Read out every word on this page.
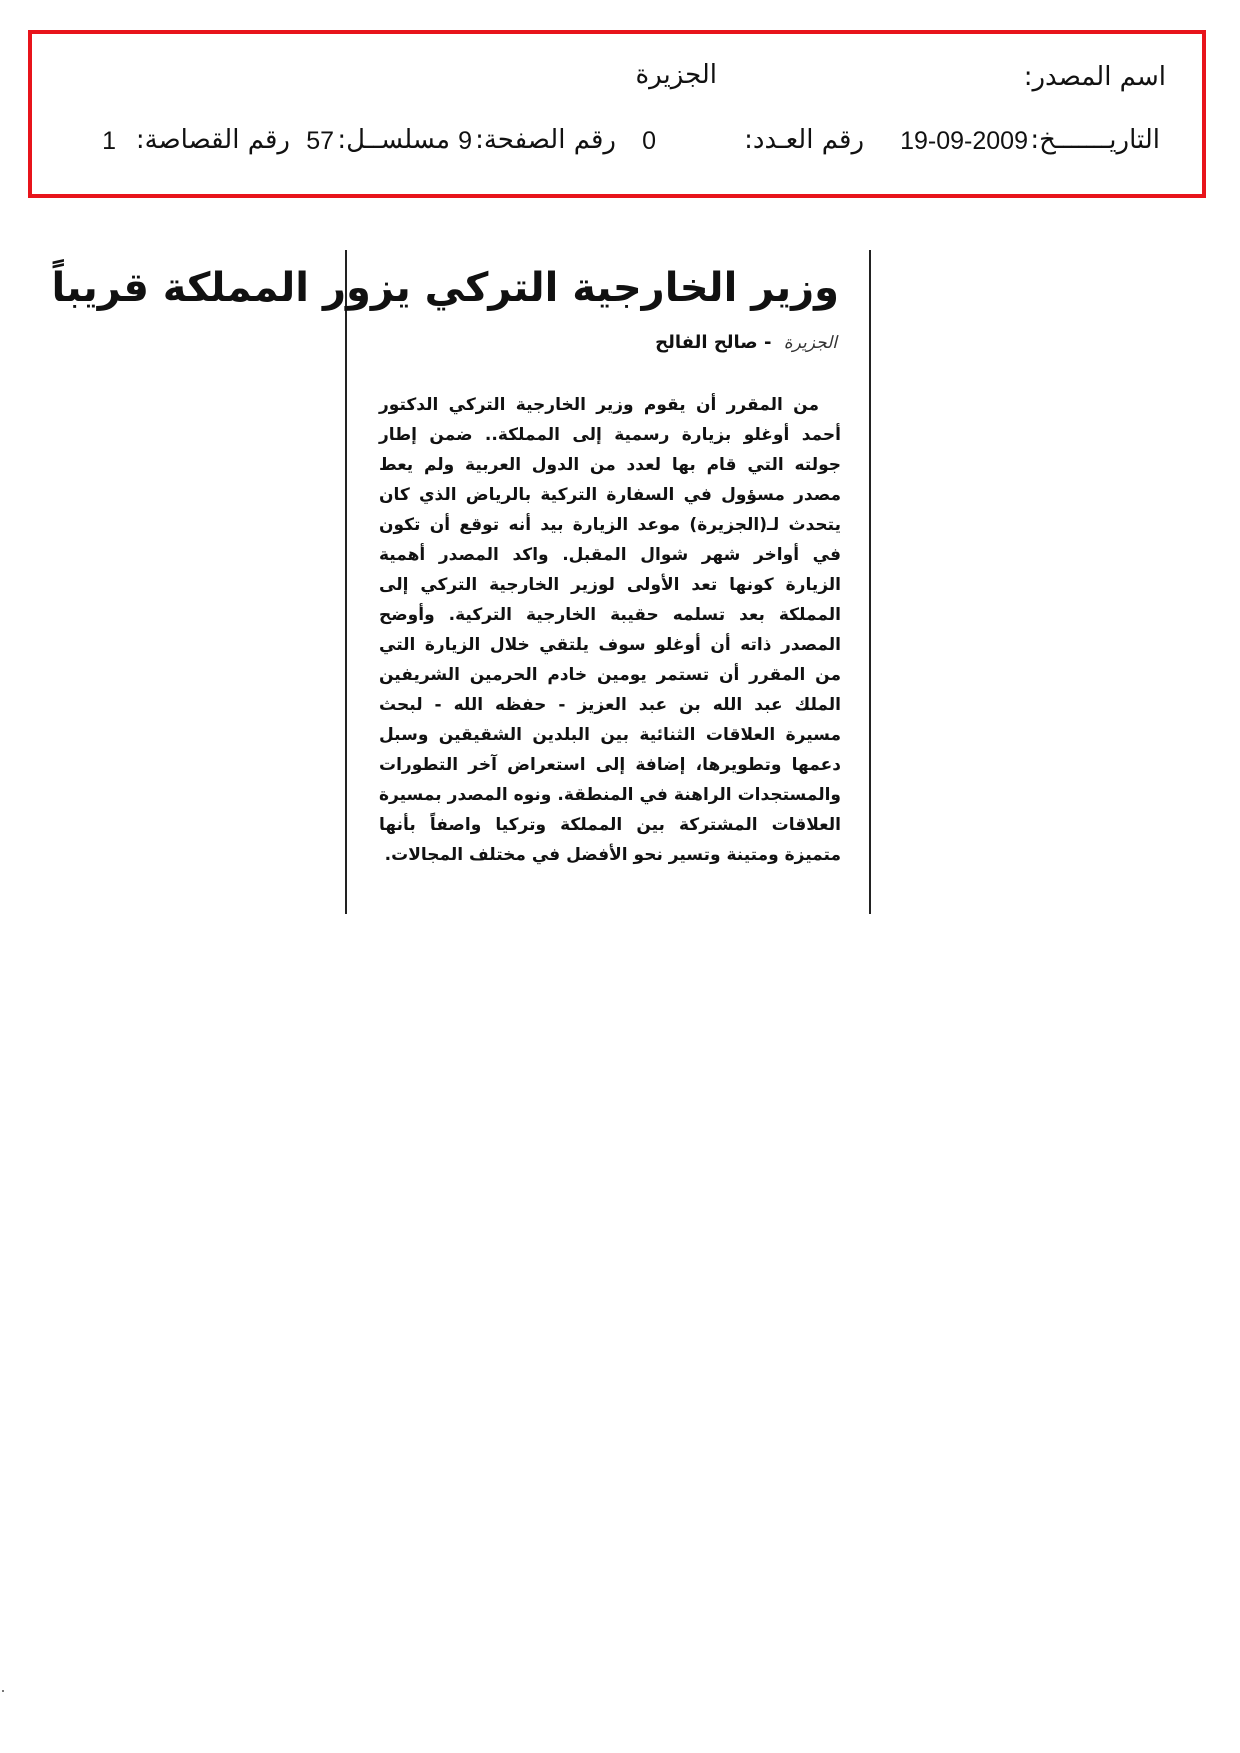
اسم المصدر:
الجزيرة
التاريـــــــخ:
19-09-2009
رقم العـدد:
0
رقم الصفحة:
9
مسلســل:
57
رقم القصاصة:
1
وزير الخارجية التركي يزور المملكة قريباً
الجزيرة - صالح الفالح

من المقرر أن يقوم وزير الخارجية التركي الدكتور أحمد أوغلو بزيارة رسمية إلى المملكة.. ضمن إطار جولته التي قام بها لعدد من الدول العربية ولم يعط مصدر مسؤول في السفارة التركية بالرياض الذي كان يتحدث لـ(الجزيرة) موعد الزيارة بيد أنه توقع أن تكون في أواخر شهر شوال المقبل. واكد المصدر أهمية الزيارة كونها تعد الأولى لوزير الخارجية التركي إلى المملكة بعد تسلمه حقيبة الخارجية التركية. وأوضح المصدر ذاته أن أوغلو سوف يلتقي خلال الزيارة التي من المقرر أن تستمر يومين خادم الحرمين الشريفين الملك عبد الله بن عبد العزيز - حفظه الله - لبحث مسيرة العلاقات الثنائية بين البلدين الشقيقين وسبل دعمها وتطويرها، إضافة إلى استعراض آخر التطورات والمستجدات الراهنة في المنطقة. ونوه المصدر بمسيرة العلاقات المشتركة بين المملكة وتركيا واصفاً بأنها متميزة ومتينة وتسير نحو الأفضل في مختلف المجالات.
